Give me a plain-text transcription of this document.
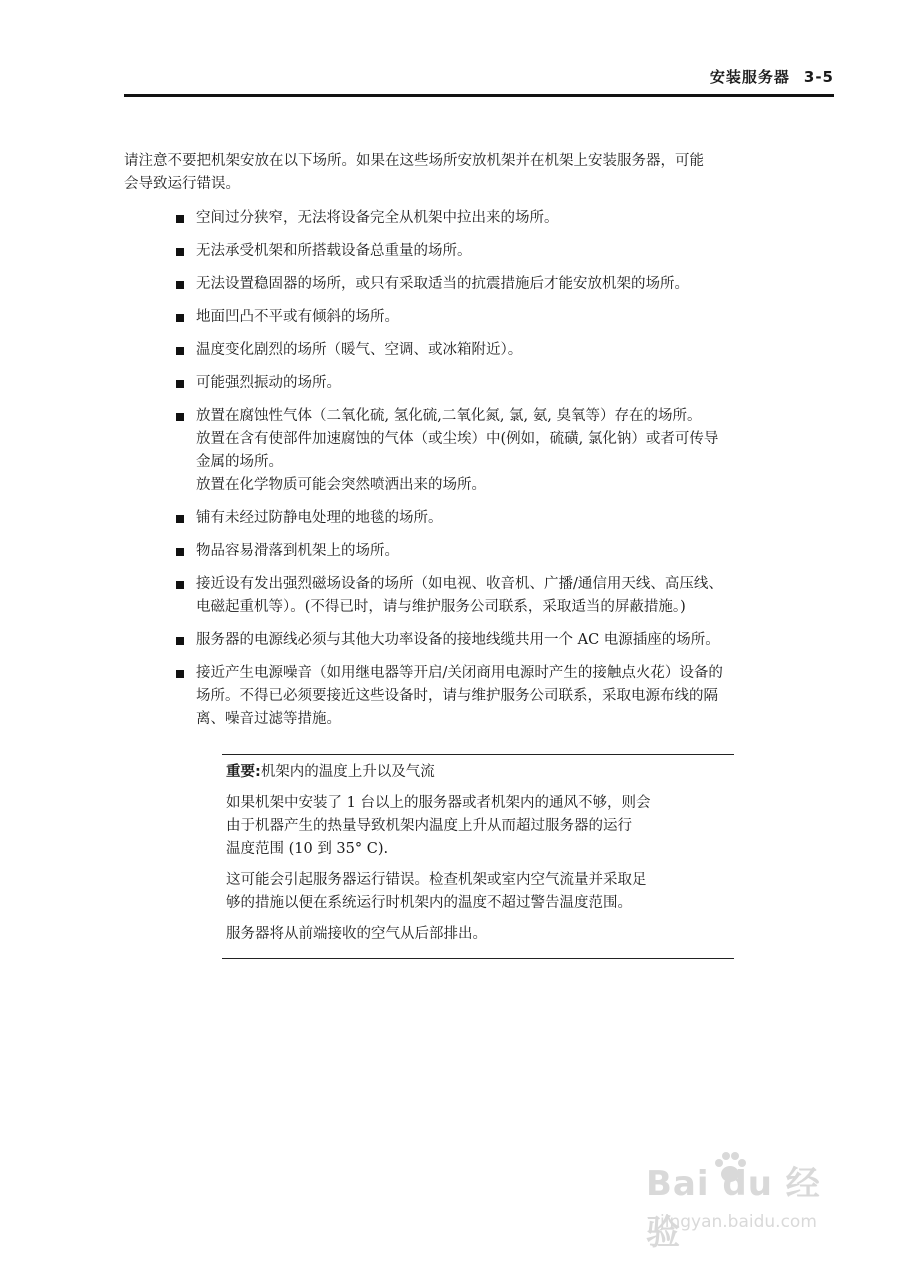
安装服务器 3-5

请注意不要把机架安放在以下场所。如果在这些场所安放机架并在机架上安装服务器，可能
会导致运行错误。

空间过分狭窄，无法将设备完全从机架中拉出来的场所。
无法承受机架和所搭载设备总重量的场所。
无法设置稳固器的场所，或只有采取适当的抗震措施后才能安放机架的场所。
地面凹凸不平或有倾斜的场所。
温度变化剧烈的场所（暖气、空调、或冰箱附近）。
可能强烈振动的场所。
放置在腐蚀性气体（二氧化硫, 氢化硫,二氧化氮, 氯, 氨, 臭氧等）存在的场所。
放置在含有使部件加速腐蚀的气体（或尘埃）中(例如，硫磺, 氯化钠）或者可传导
金属的场所。
放置在化学物质可能会突然喷洒出来的场所。
铺有未经过防静电处理的地毯的场所。
物品容易滑落到机架上的场所。
接近设有发出强烈磁场设备的场所（如电视、收音机、广播/通信用天线、高压线、
电磁起重机等）。(不得已时，请与维护服务公司联系，采取适当的屏蔽措施。)
服务器的电源线必须与其他大功率设备的接地线缆共用一个 AC 电源插座的场所。
接近产生电源噪音（如用继电器等开启/关闭商用电源时产生的接触点火花）设备的
场所。不得已必须要接近这些设备时，请与维护服务公司联系，采取电源布线的隔
离、噪音过滤等措施。
重要:机架内的温度上升以及气流

如果机架中安装了 1 台以上的服务器或者机架内的通风不够，则会
由于机器产生的热量导致机架内温度上升从而超过服务器的运行
温度范围 (10 到 35° C).

这可能会引起服务器运行错误。检查机架或室内空气流量并采取足
够的措施以便在系统运行时机架内的温度不超过警告温度范围。

服务器将从前端接收的空气从后部排出。

Bai du 经验
jingyan.baidu.com
